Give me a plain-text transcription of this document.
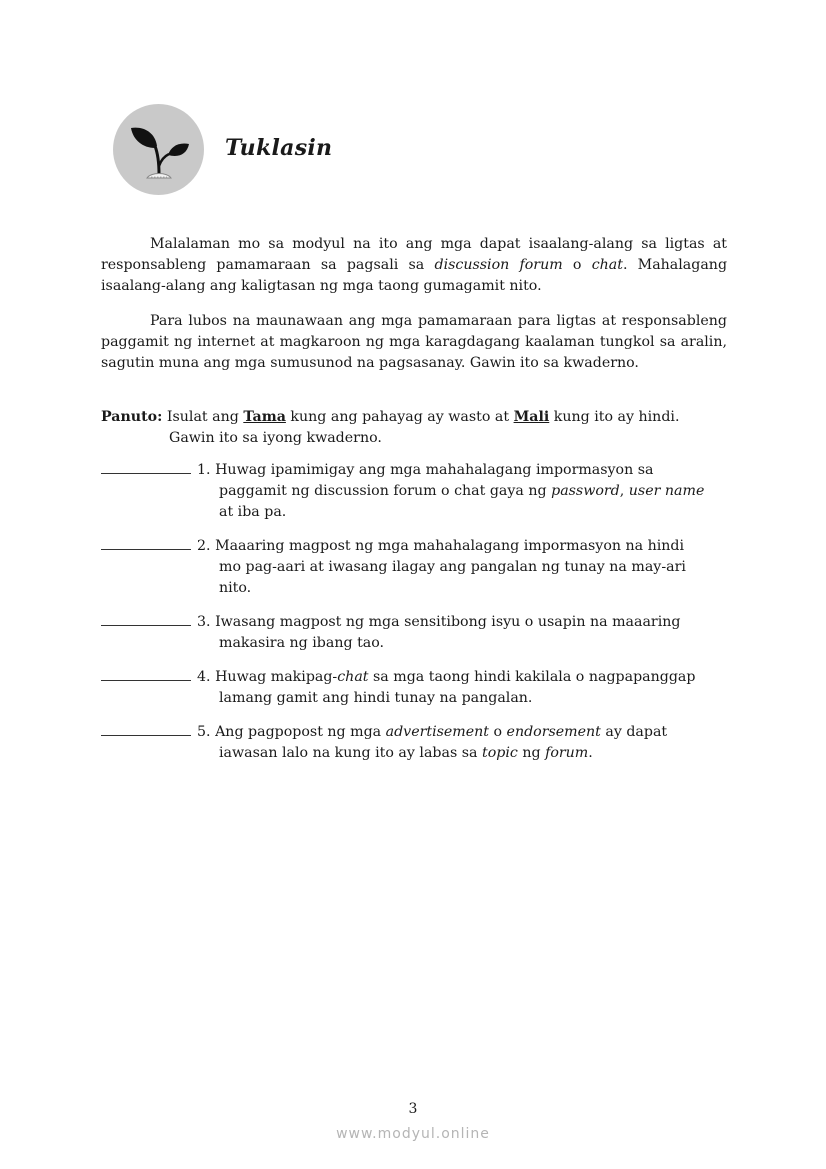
Tuklasin
Malalaman mo sa modyul na ito ang mga dapat isaalang-alang sa ligtas at responsableng pamamaraan sa pagsali sa discussion forum o chat. Mahalagang isaalang-alang ang kaligtasan ng mga taong gumagamit nito.
Para lubos na maunawaan ang mga pamamaraan para ligtas at responsableng paggamit ng internet at magkaroon ng mga karagdagang kaalaman tungkol sa aralin, sagutin muna ang mga sumusunod na pagsasanay. Gawin ito sa kwaderno.
Panuto: Isulat ang Tama kung ang pahayag ay wasto at Mali kung ito ay hindi.
Gawin ito sa iyong kwaderno.
1. Huwag ipamimigay ang mga mahahalagang impormasyon sa
paggamit ng discussion forum o chat gaya ng password, user name
at iba pa.
2. Maaaring magpost ng mga mahahalagang impormasyon na hindi
mo pag-aari at iwasang ilagay ang pangalan ng tunay na may-ari
nito.
3. Iwasang magpost ng mga sensitibong isyu o usapin na maaaring
makasira ng ibang tao.
4. Huwag makipag-chat sa mga taong hindi kakilala o nagpapanggap
lamang gamit ang hindi tunay na pangalan.
5. Ang pagpopost ng mga advertisement o endorsement ay dapat
iawasan lalo na kung ito ay labas sa topic ng forum.
3
www.modyul.online
